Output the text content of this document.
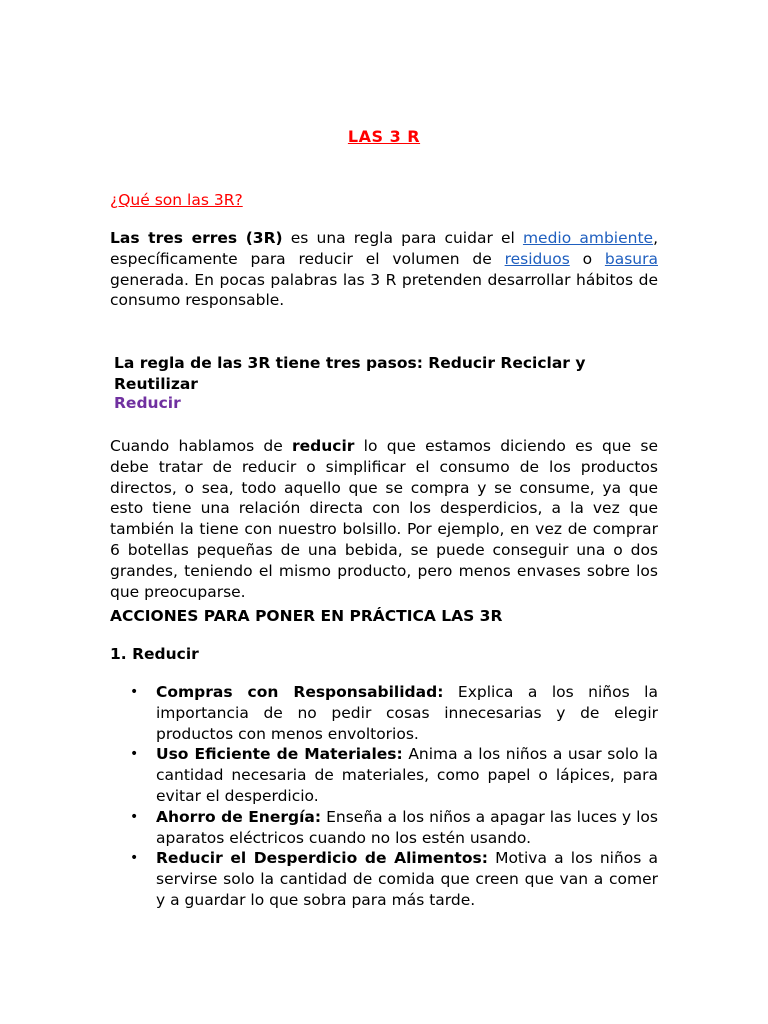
LAS 3 R
¿Qué son las 3R?
Las tres erres (3R) es una regla para cuidar el medio ambiente, específicamente para reducir el volumen de residuos o basura generada. En pocas palabras las 3 R pretenden desarrollar hábitos de consumo responsable.
La regla de las 3R tiene tres pasos: Reducir Reciclar y Reutilizar
Reducir
Cuando hablamos de reducir lo que estamos diciendo es que se debe tratar de reducir o simplificar el consumo de los productos directos, o sea, todo aquello que se compra y se consume, ya que esto tiene una relación directa con los desperdicios, a la vez que también la tiene con nuestro bolsillo. Por ejemplo, en vez de comprar 6 botellas pequeñas de una bebida, se puede conseguir una o dos grandes, teniendo el mismo producto, pero menos envases sobre los que preocuparse.
ACCIONES PARA PONER EN PRÁCTICA LAS 3R
1. Reducir
• Compras con Responsabilidad: Explica a los niños la importancia de no pedir cosas innecesarias y de elegir productos con menos envoltorios.
• Uso Eficiente de Materiales: Anima a los niños a usar solo la cantidad necesaria de materiales, como papel o lápices, para evitar el desperdicio.
• Ahorro de Energía: Enseña a los niños a apagar las luces y los aparatos eléctricos cuando no los estén usando.
• Reducir el Desperdicio de Alimentos: Motiva a los niños a servirse solo la cantidad de comida que creen que van a comer y a guardar lo que sobra para más tarde.
